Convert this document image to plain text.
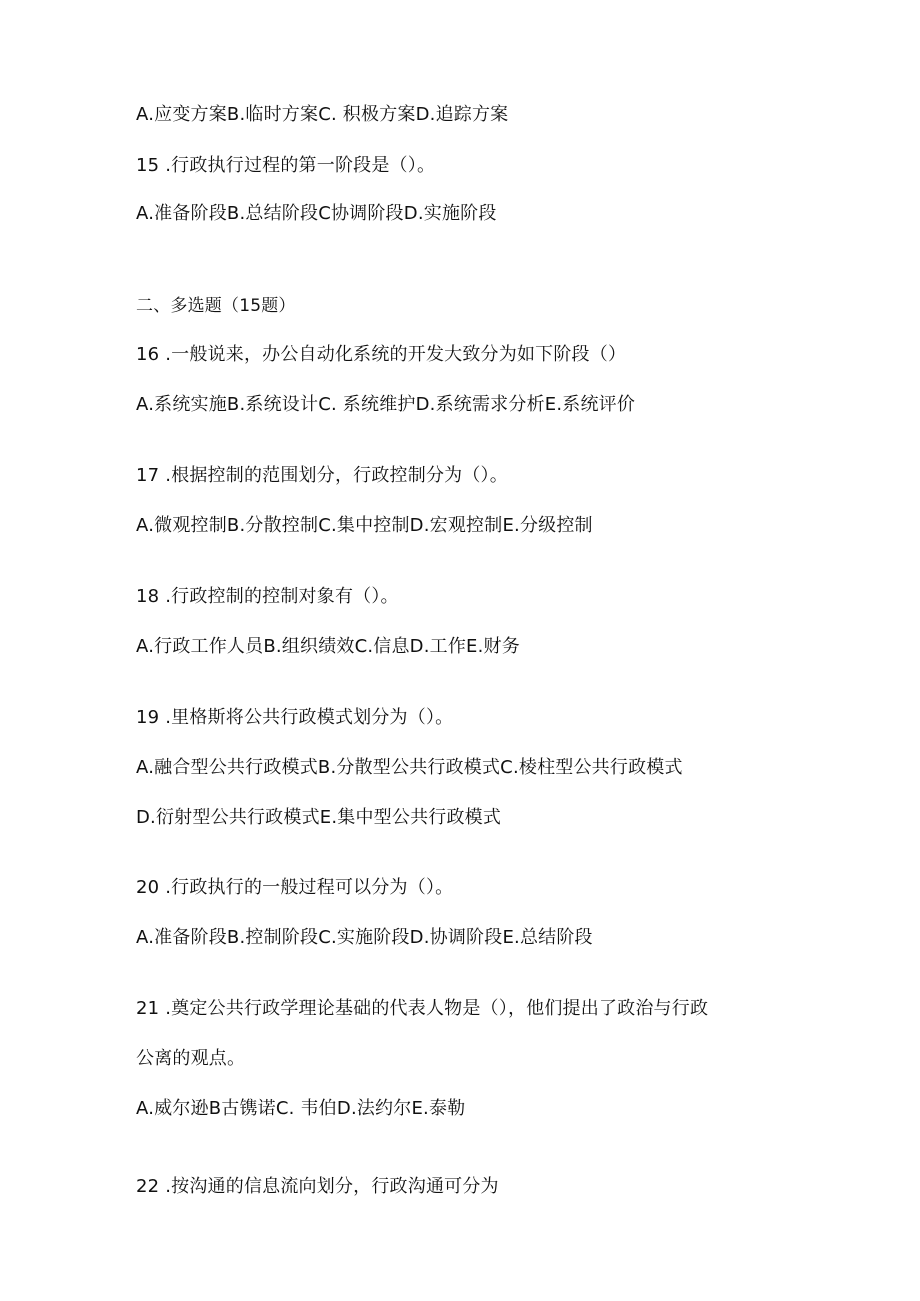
A.应变方案B.临时方案C. 积极方案D.追踪方案
15 .行政执行过程的第一阶段是（）。
A.准备阶段B.总结阶段C协调阶段D.实施阶段
二、多选题（15题）
16 .一般说来，办公自动化系统的开发大致分为如下阶段（）
A.系统实施B.系统设计C. 系统维护D.系统需求分析E.系统评价
17 .根据控制的范围划分，行政控制分为（）。
A.微观控制B.分散控制C.集中控制D.宏观控制E.分级控制
18 .行政控制的控制对象有（）。
A.行政工作人员B.组织绩效C.信息D.工作E.财务
19 .里格斯将公共行政模式划分为（）。
A.融合型公共行政模式B.分散型公共行政模式C.棱柱型公共行政模式
D.衍射型公共行政模式E.集中型公共行政模式
20 .行政执行的一般过程可以分为（）。
A.准备阶段B.控制阶段C.实施阶段D.协调阶段E.总结阶段
21 .奠定公共行政学理论基础的代表人物是（），他们提出了政治与行政
公离的观点。
A.威尔逊B古镌诺C. 韦伯D.法约尔E.泰勒
22 .按沟通的信息流向划分，行政沟通可分为
